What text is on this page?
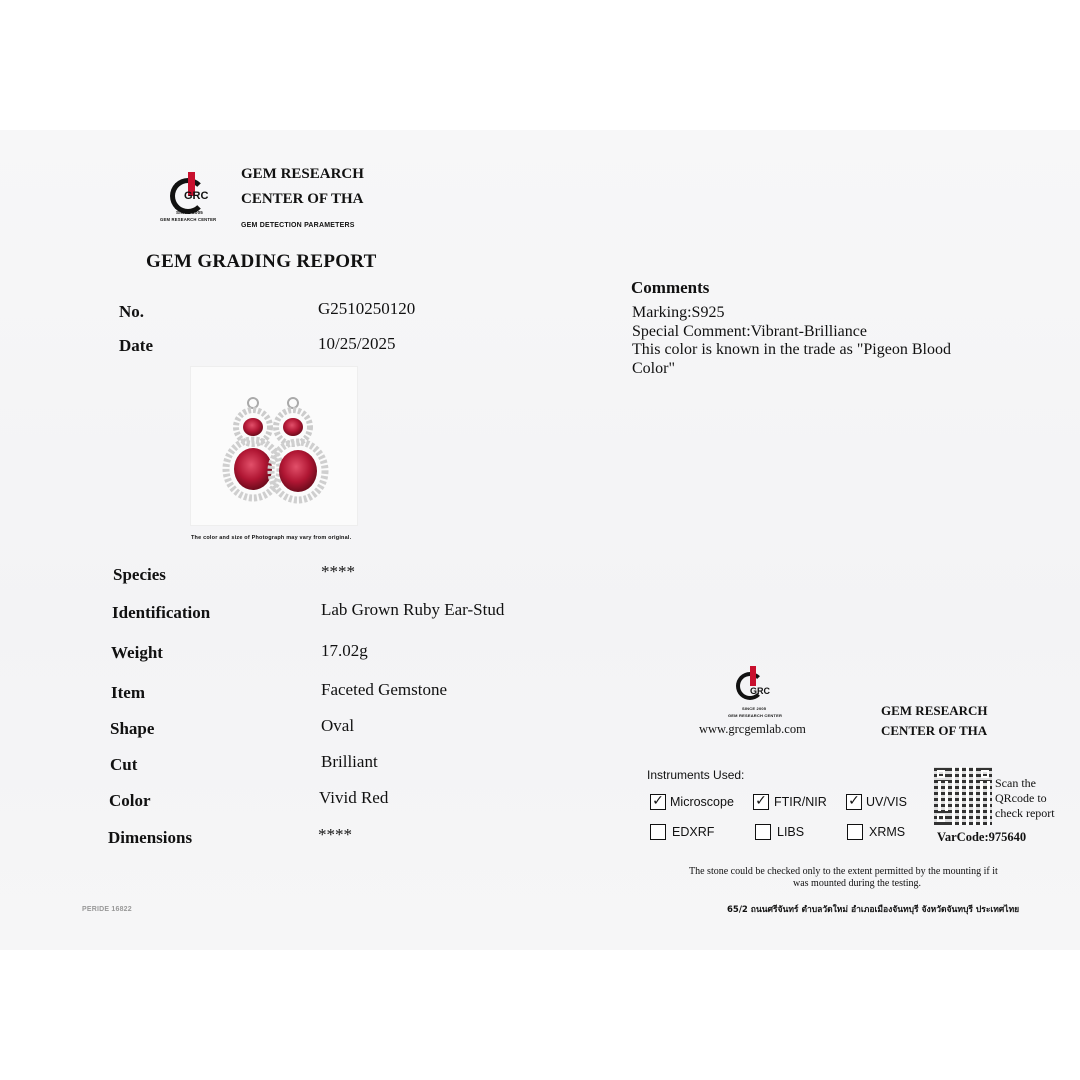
GRC
SINCE 2005
GEM RESEARCH CENTER
GEM RESEARCH
CENTER OF THA
GEM DETECTION PARAMETERS
GEM GRADING REPORT
No.	G2510250120
Date	10/25/2025
The color and size of Photograph may vary from original.
Species	****
Identification	Lab Grown Ruby Ear-Stud
Weight	17.02g
Item	Faceted Gemstone
Shape	Oval
Cut	Brilliant
Color	Vivid Red
Dimensions	****
PERIDE 16822
Comments
Marking:S925
Special Comment:Vibrant-Brilliance
This color is known in the trade as "Pigeon Blood
Color"
GRC
SINCE 2005
GEM RESEARCH CENTER
www.grcgemlab.com
GEM RESEARCH
CENTER OF THA
Instruments Used:
✓ Microscope ✓ FTIR/NIR ✓ UV/VIS
EDXRF	LIBS	XRMS
Scan the
QRcode to
check report
VarCode:975640
The stone could be checked only to the extent permitted by the mounting if it
was mounted during the testing.
65/2 ถนนศรีจันทร์ ตำบลวัดใหม่ อำเภอเมืองจันทบุรี จังหวัดจันทบุรี ประเทศไทย
